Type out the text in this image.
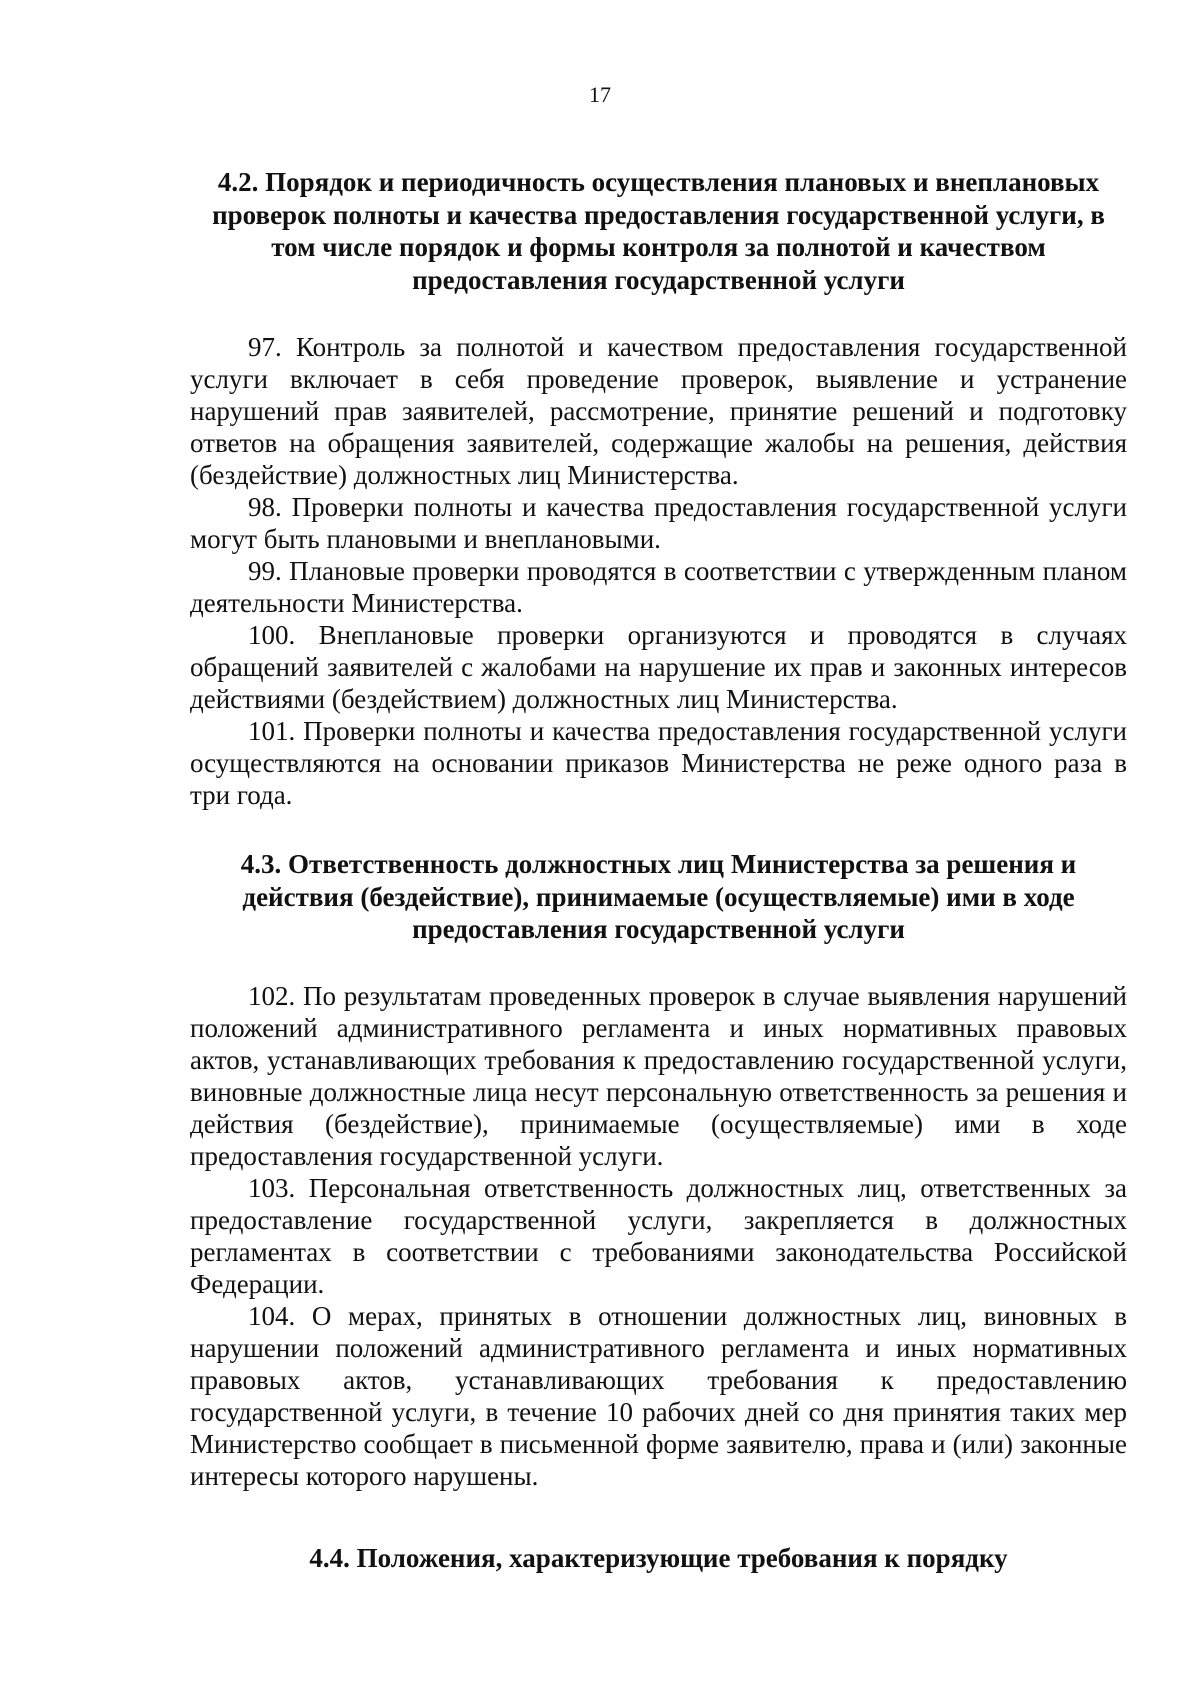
17

4.2. Порядок и периодичность осуществления плановых и внеплановых

проверок полноты и качества предоставления государственной услуги, в

том числе порядок и формы контроля за полнотой и качеством

предоставления государственной услуги

97. Контроль за полнотой и качеством предоставления государственной услуги включает в себя проведение проверок, выявление и устранение нарушений прав заявителей, рассмотрение, принятие решений и подготовку ответов на обращения заявителей, содержащие жалобы на решения, действия (бездействие) должностных лиц Министерства.

98. Проверки полноты и качества предоставления государственной услуги могут быть плановыми и внеплановыми.

99. Плановые проверки проводятся в соответствии с утвержденным планом деятельности Министерства.

100. Внеплановые проверки организуются и проводятся в случаях обращений заявителей с жалобами на нарушение их прав и законных интересов действиями (бездействием) должностных лиц Министерства.

101. Проверки полноты и качества предоставления государственной услуги осуществляются на основании приказов Министерства не реже одного раза в три года.

4.3. Ответственность должностных лиц Министерства за решения и

действия (бездействие), принимаемые (осуществляемые) ими в ходе

предоставления государственной услуги

102. По результатам проведенных проверок в случае выявления нарушений положений административного регламента и иных нормативных правовых актов, устанавливающих требования к предоставлению государственной услуги, виновные должностные лица несут персональную ответственность за решения и действия (бездействие), принимаемые (осуществляемые) ими в ходе предоставления государственной услуги.

103. Персональная ответственность должностных лиц, ответственных за предоставление государственной услуги, закрепляется в должностных регламентах в соответствии с требованиями законодательства Российской Федерации.

104. О мерах, принятых в отношении должностных лиц, виновных в нарушении положений административного регламента и иных нормативных правовых актов, устанавливающих требования к предоставлению государственной услуги, в течение 10 рабочих дней со дня принятия таких мер Министерство сообщает в письменной форме заявителю, права и (или) законные интересы которого нарушены.

4.4. Положения, характеризующие требования к порядку
